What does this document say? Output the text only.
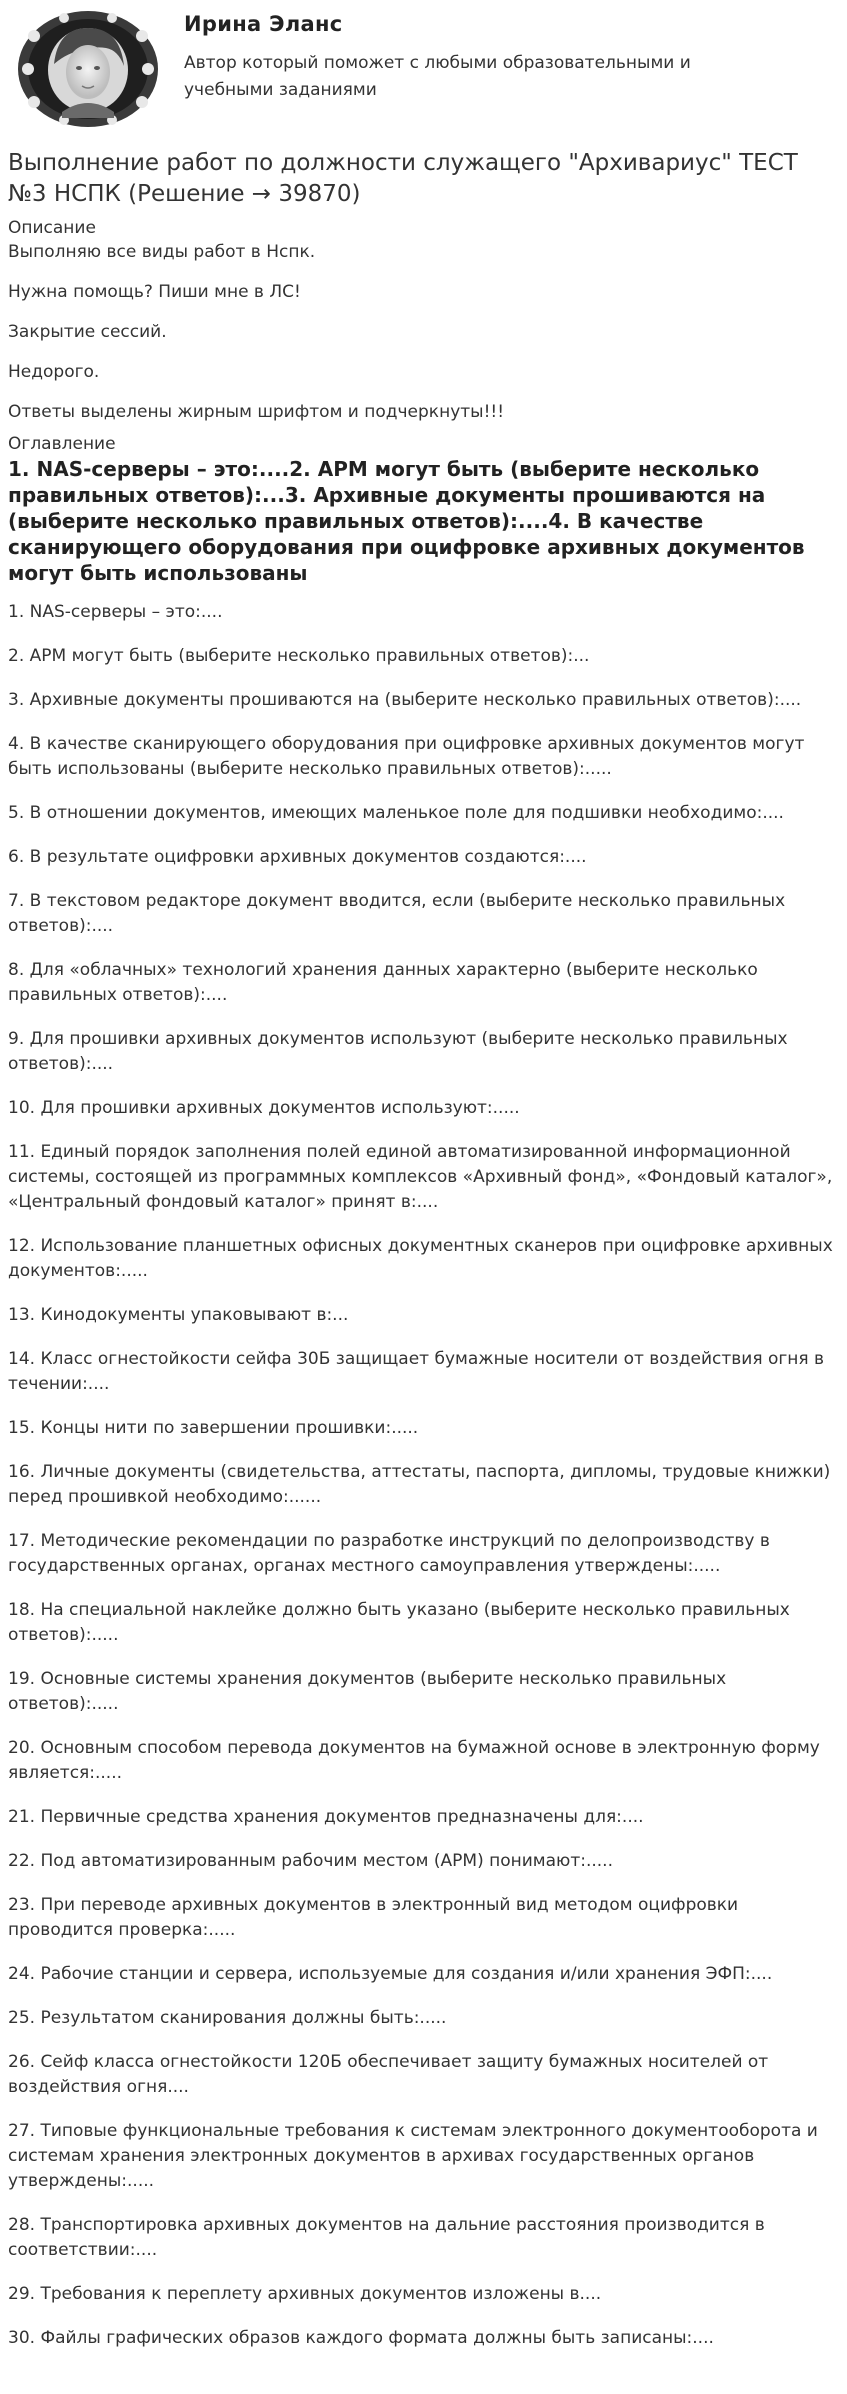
Ирина Эланс
Автор который поможет с любыми образовательными и учебными заданиями
Выполнение работ по должности служащего "Архивариус" ТЕСТ №3 НСПК (Решение → 39870)
Описание

Выполняю все виды работ в Нспк.

Нужна помощь? Пиши мне в ЛС!

Закрытие сессий.

Недорого.

Ответы выделены жирным шрифтом и подчеркнуты!!!

Оглавление
1. NAS-серверы – это:....2. АРМ могут быть (выберите несколько правильных ответов):...3. Архивные документы прошиваются на (выберите несколько правильных ответов):....4. В качестве сканирующего оборудования при оцифровке архивных документов могут быть использованы
1. NAS-серверы – это:....
2. АРМ могут быть (выберите несколько правильных ответов):...
3. Архивные документы прошиваются на (выберите несколько правильных ответов):....
4. В качестве сканирующего оборудования при оцифровке архивных документов могут быть использованы (выберите несколько правильных ответов):.....
5. В отношении документов, имеющих маленькое поле для подшивки необходимо:....
6. В результате оцифровки архивных документов создаются:....
7. В текстовом редакторе документ вводится, если (выберите несколько правильных ответов):....
8. Для «облачных» технологий хранения данных характерно (выберите несколько правильных ответов):....
9. Для прошивки архивных документов используют (выберите несколько правильных ответов):....
10. Для прошивки архивных документов используют:.....
11. Единый порядок заполнения полей единой автоматизированной информационной системы, состоящей из программных комплексов «Архивный фонд», «Фондовый каталог», «Центральный фондовый каталог» принят в:....
12. Использование планшетных офисных документных сканеров при оцифровке архивных документов:.....
13. Кинодокументы упаковывают в:...
14. Класс огнестойкости сейфа 30Б защищает бумажные носители от воздействия огня в течении:....
15. Концы нити по завершении прошивки:.....
16. Личные документы (свидетельства, аттестаты, паспорта, дипломы, трудовые книжки) перед прошивкой необходимо:......
17. Методические рекомендации по разработке инструкций по делопроизводству в государственных органах, органах местного самоуправления утверждены:.....
18. На специальной наклейке должно быть указано (выберите несколько правильных ответов):.....
19. Основные системы хранения документов (выберите несколько правильных ответов):.....
20. Основным способом перевода документов на бумажной основе в электронную форму является:.....
21. Первичные средства хранения документов предназначены для:....
22. Под автоматизированным рабочим местом (АРМ) понимают:.....
23. При переводе архивных документов в электронный вид методом оцифровки проводится проверка:.....
24. Рабочие станции и сервера, используемые для создания и/или хранения ЭФП:....
25. Результатом сканирования должны быть:.....
26. Сейф класса огнестойкости 120Б обеспечивает защиту бумажных носителей от воздействия огня....
27. Типовые функциональные требования к системам электронного документооборота и системам хранения электронных документов в архивах государственных органов утверждены:.....
28. Транспортировка архивных документов на дальние расстояния производится в соответствии:....
29. Требования к переплету архивных документов изложены в....
30. Файлы графических образов каждого формата должны быть записаны:....
